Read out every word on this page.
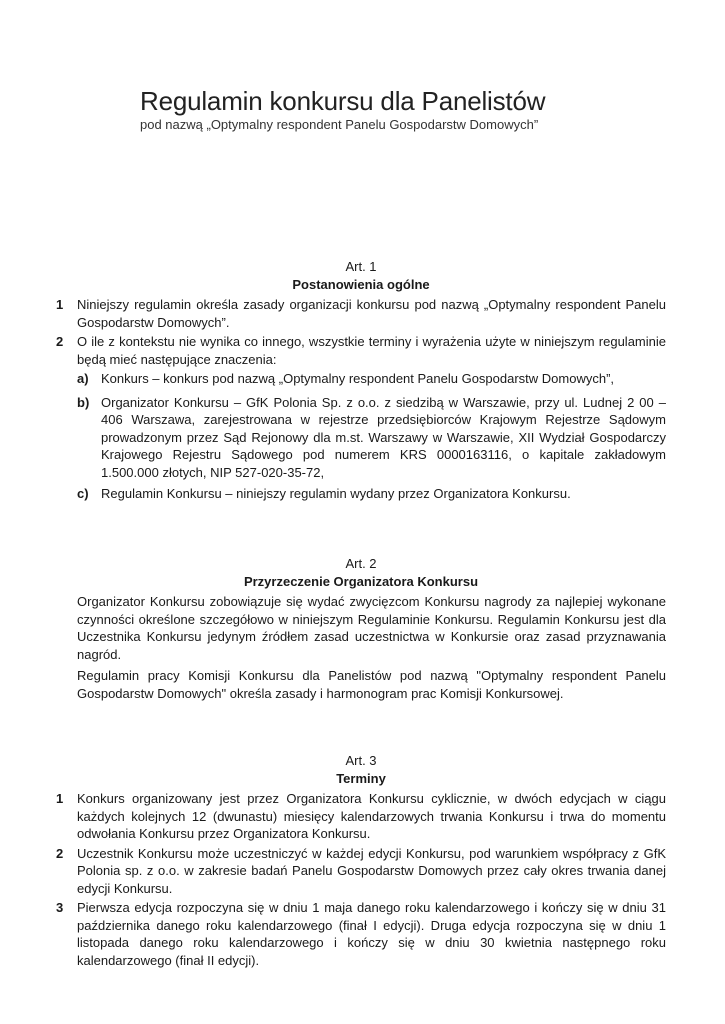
Regulamin konkursu dla Panelistów
pod nazwą „Optymalny respondent Panelu Gospodarstw Domowych”
Art. 1
Postanowienia ogólne
1 Niniejszy regulamin określa zasady organizacji konkursu pod nazwą „Optymalny respondent Panelu Gospodarstw Domowych”.
2 O ile z kontekstu nie wynika co innego, wszystkie terminy i wyrażenia użyte w niniejszym regulaminie będą mieć następujące znaczenia:
a) Konkurs – konkurs pod nazwą „Optymalny respondent Panelu Gospodarstw Domowych”,
b) Organizator Konkursu – GfK Polonia Sp. z o.o. z siedzibą w Warszawie, przy ul. Ludnej 2 00 – 406 Warszawa, zarejestrowana w rejestrze przedsiębiorców Krajowym Rejestrze Sądowym prowadzonym przez Sąd Rejonowy dla m.st. Warszawy w Warszawie, XII Wydział Gospodarczy Krajowego Rejestru Sądowego pod numerem KRS 0000163116, o kapitale zakładowym 1.500.000 złotych, NIP 527-020-35-72,
c) Regulamin Konkursu – niniejszy regulamin wydany przez Organizatora Konkursu.
Art. 2
Przyrzeczenie Organizatora Konkursu
Organizator Konkursu zobowiązuje się wydać zwycięzcom Konkursu nagrody za najlepiej wykonane czynności określone szczegółowo w niniejszym Regulaminie Konkursu. Regulamin Konkursu jest dla Uczestnika Konkursu jedynym źródłem zasad uczestnictwa w Konkursie oraz zasad przyznawania nagród.
Regulamin pracy Komisji Konkursu dla Panelistów pod nazwą "Optymalny respondent Panelu Gospodarstw Domowych" określa zasady i harmonogram prac Komisji Konkursowej.
Art. 3
Terminy
1 Konkurs organizowany jest przez Organizatora Konkursu cyklicznie, w dwóch edycjach w ciągu każdych kolejnych 12 (dwunastu) miesięcy kalendarzowych trwania Konkursu i trwa do momentu odwołania Konkursu przez Organizatora Konkursu.
2 Uczestnik Konkursu może uczestniczyć w każdej edycji Konkursu, pod warunkiem współpracy z GfK Polonia sp. z o.o. w zakresie badań Panelu Gospodarstw Domowych przez cały okres trwania danej edycji Konkursu.
3 Pierwsza edycja rozpoczyna się w dniu 1 maja danego roku kalendarzowego i kończy się w dniu 31 października danego roku kalendarzowego (finał I edycji). Druga edycja rozpoczyna się w dniu 1 listopada danego roku kalendarzowego i kończy się w dniu 30 kwietnia następnego roku kalendarzowego (finał II edycji).
